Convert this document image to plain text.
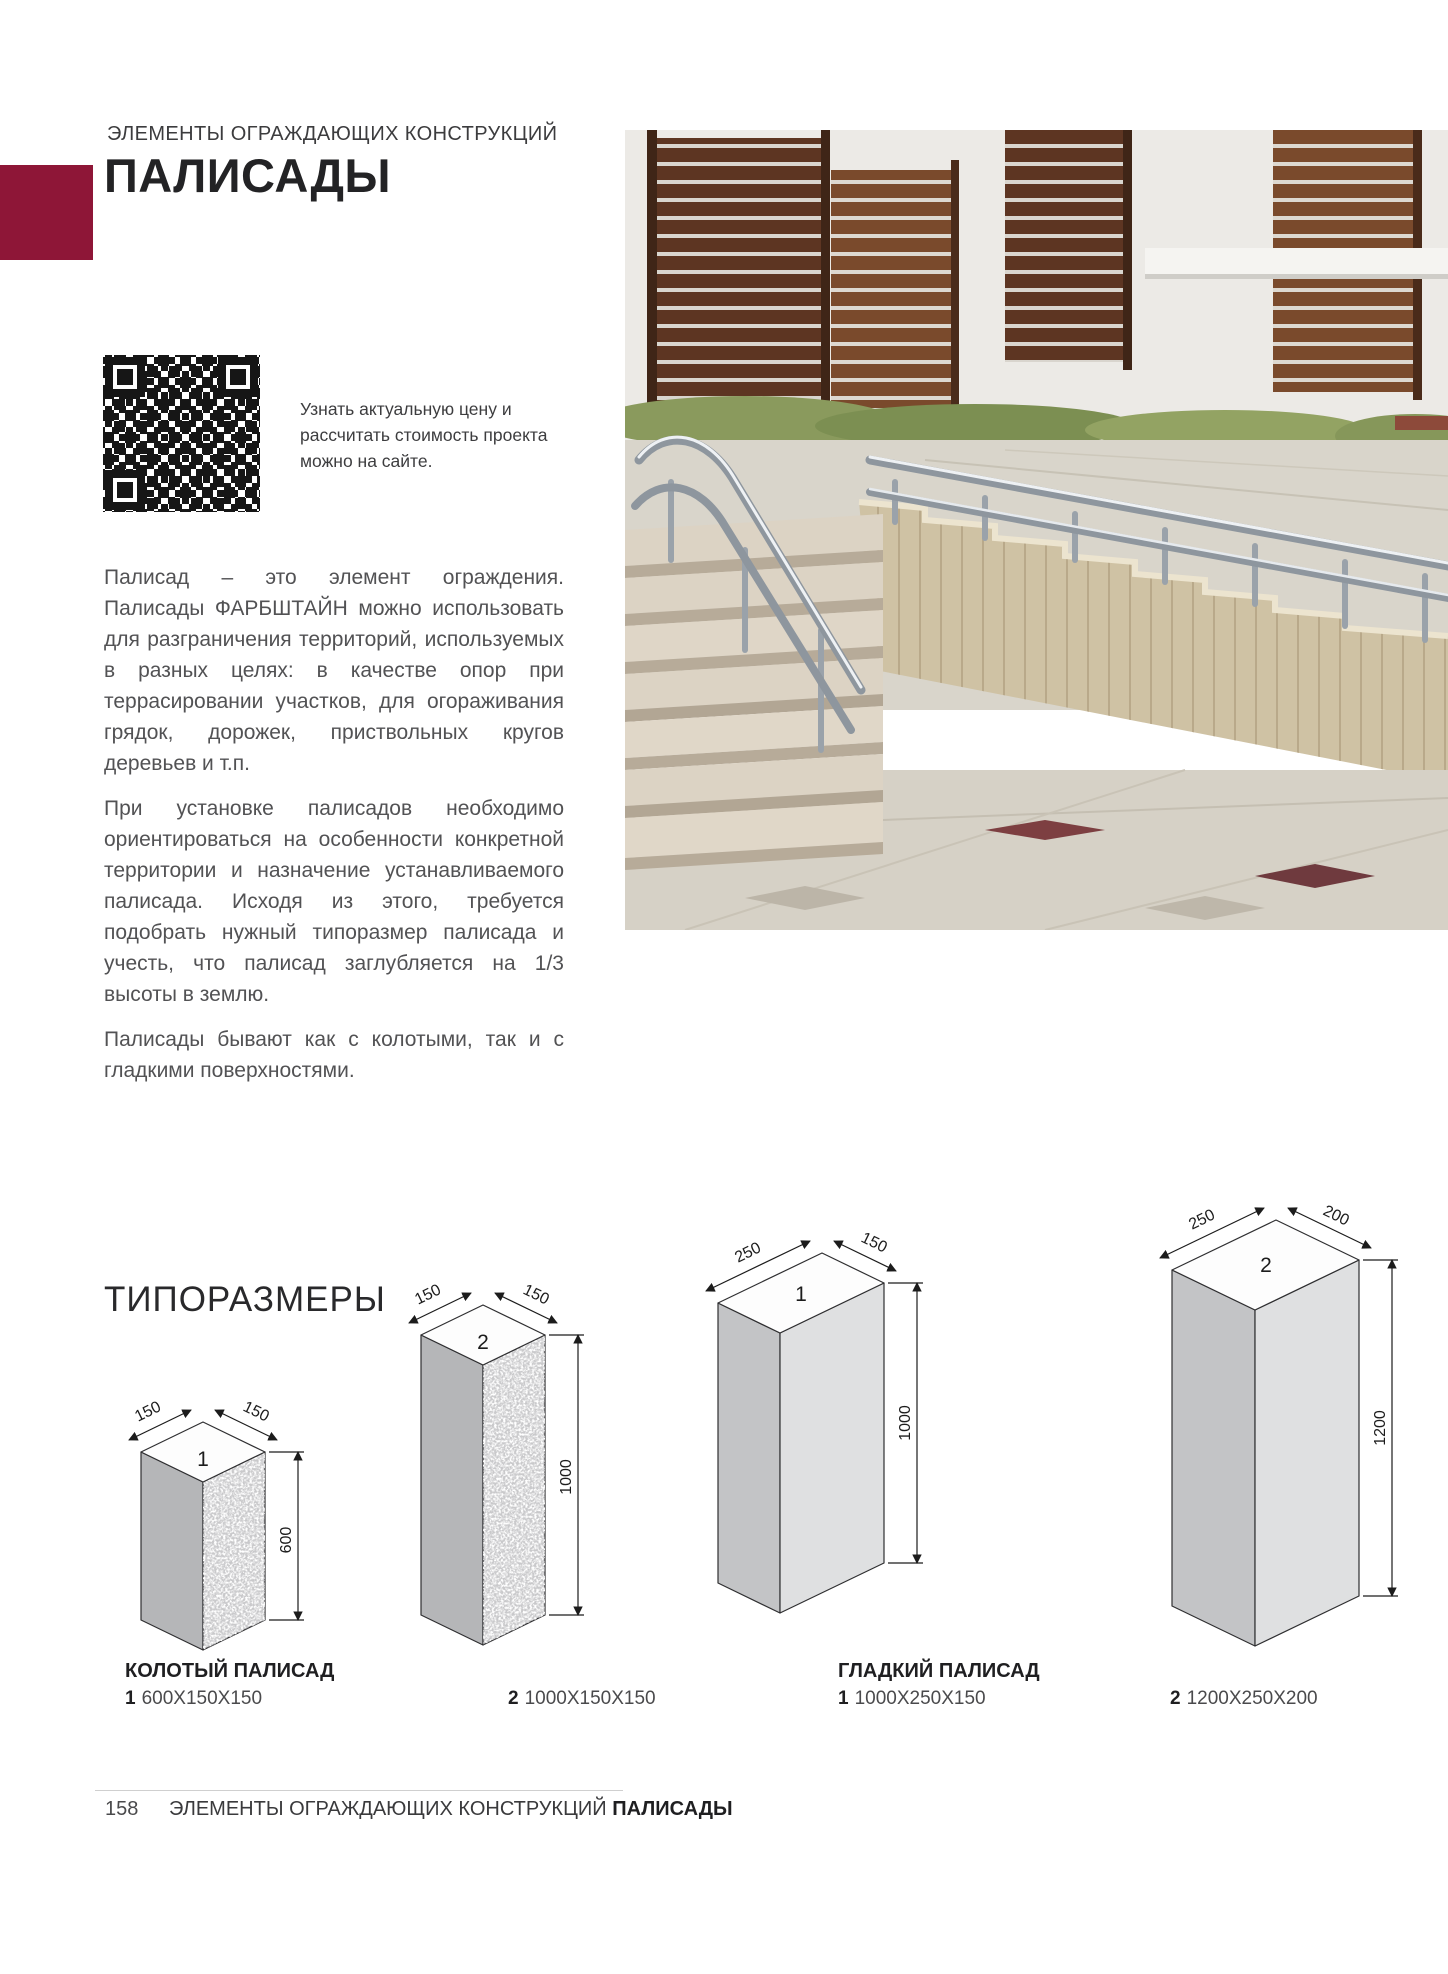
ЭЛЕМЕНТЫ ОГРАЖДАЮЩИХ КОНСТРУКЦИЙ
ПАЛИСАДЫ
Узнать актуальную цену и рассчитать стоимость проекта можно на сайте.

Палисад – это элемент ограждения. Палисады ФАРБШТАЙН можно использовать для разграничения территорий, используемых в разных целях: в качестве опор при террасировании участков, для огораживания грядок, дорожек, приствольных кругов деревьев и т.п.

При установке палисадов необходимо ориентироваться на особенности конкретной территории и назначение устанавливаемого палисада. Исходя из этого, требуется подобрать нужный типоразмер палисада и учесть, что палисад заглубляется на 1/3 высоты в землю.

Палисады бывают как с колотыми, так и с гладкими поверхностями.

ТИПОРАЗМЕРЫ
1
150	150
600
2
150	150
1000
1
250	150
1000
2
250	200
1200
КОЛОТЫЙ ПАЛИСАД
1 600X150X150	2 1000X150X150
ГЛАДКИЙ ПАЛИСАД
1 1000X250X150	2 1200X250X200
158 ЭЛЕМЕНТЫ ОГРАЖДАЮЩИХ КОНСТРУКЦИЙ ПАЛИСАДЫ
